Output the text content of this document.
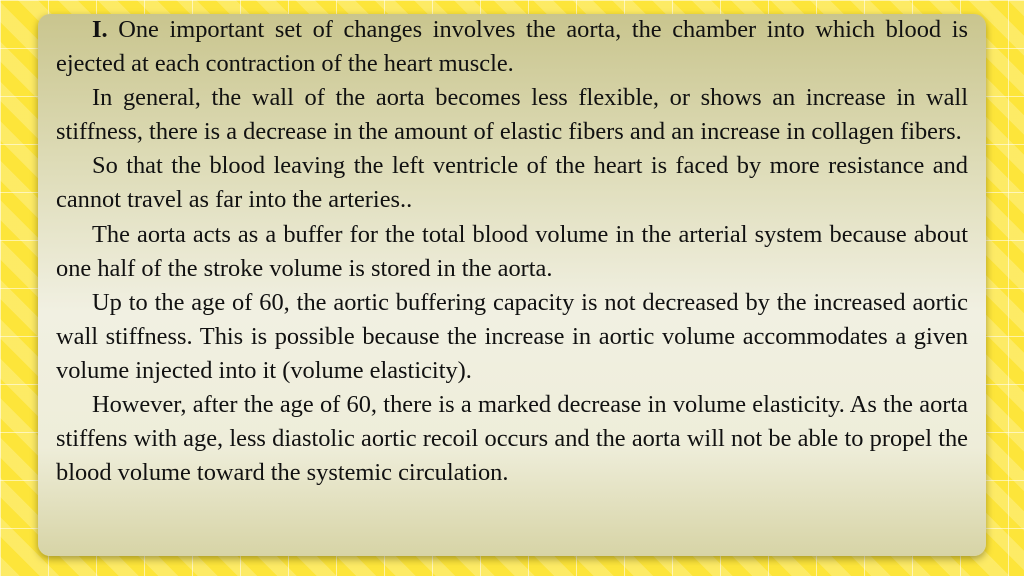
I. One important set of changes involves the aorta, the chamber into which blood is ejected at each contraction of the heart muscle.

In general, the wall of the aorta becomes less flexible, or shows an increase in wall stiffness, there is a decrease in the amount of elastic fibers and an increase in collagen fibers.

So that the blood leaving the left ventricle of the heart is faced by more resistance and cannot travel as far into the arteries..

The aorta acts as a buffer for the total blood volume in the arterial system because about one half of the stroke volume is stored in the aorta.

Up to the age of 60, the aortic buffering capacity is not decreased by the increased aortic wall stiffness. This is possible because the increase in aortic volume accommodates a given volume injected into it (volume elasticity).

However, after the age of 60, there is a marked decrease in volume elasticity. As the aorta stiffens with age, less diastolic aortic recoil occurs and the aorta will not be able to propel the blood volume toward the systemic circulation.
